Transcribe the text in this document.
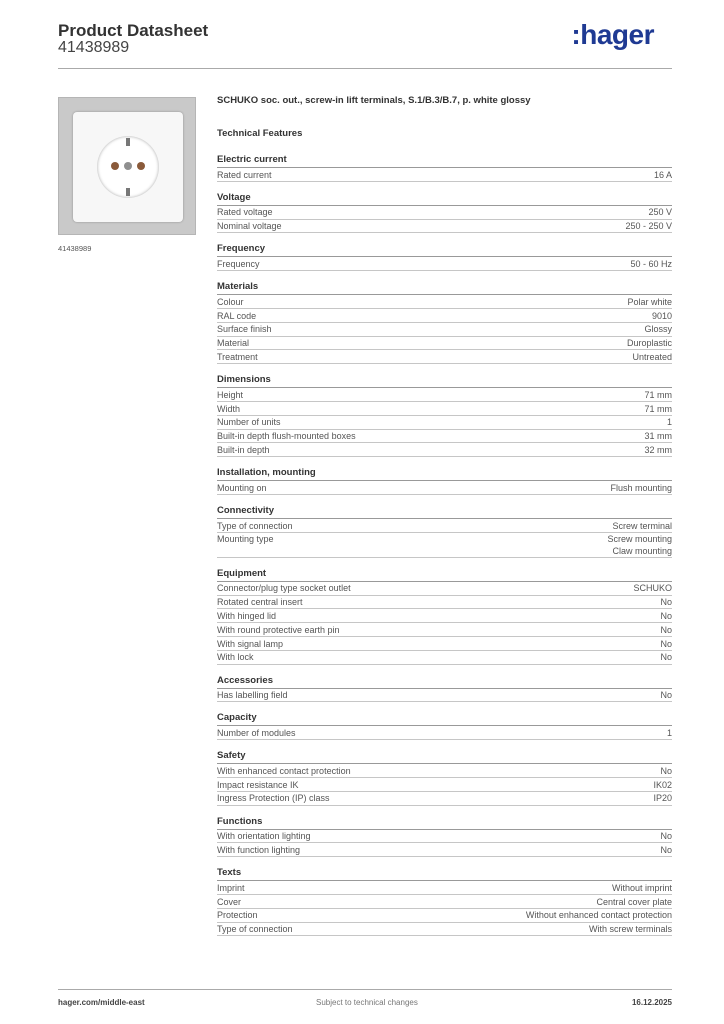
Product Datasheet
41438989	:hager
41438989
SCHUKO soc. out., screw-in lift terminals, S.1/B.3/B.7, p. white glossy
Technical Features
Electric current
Rated current	16 A
Voltage
Rated voltage	250 V
Nominal voltage	250 - 250 V
Frequency
Frequency	50 - 60 Hz
Materials
Colour	Polar white
RAL code	9010
Surface finish	Glossy
Material	Duroplastic
Treatment	Untreated
Dimensions
Height	71 mm
Width	71 mm
Number of units	1
Built-in depth flush-mounted boxes	31 mm
Built-in depth	32 mm
Installation, mounting
Mounting on	Flush mounting
Connectivity
Type of connection	Screw terminal
Mounting type	Screw mounting
Claw mounting
Equipment
Connector/plug type socket outlet	SCHUKO
Rotated central insert	No
With hinged lid	No
With round protective earth pin	No
With signal lamp	No
With lock	No
Accessories
Has labelling field	No
Capacity
Number of modules	1
Safety
With enhanced contact protection	No
Impact resistance IK	IK02
Ingress Protection (IP) class	IP20
Functions
With orientation lighting	No
With function lighting	No
Texts
Imprint	Without imprint
Cover	Central cover plate
Protection	Without enhanced contact protection
Type of connection	With screw terminals
hager.com/middle-east	Subject to technical changes	16.12.2025
